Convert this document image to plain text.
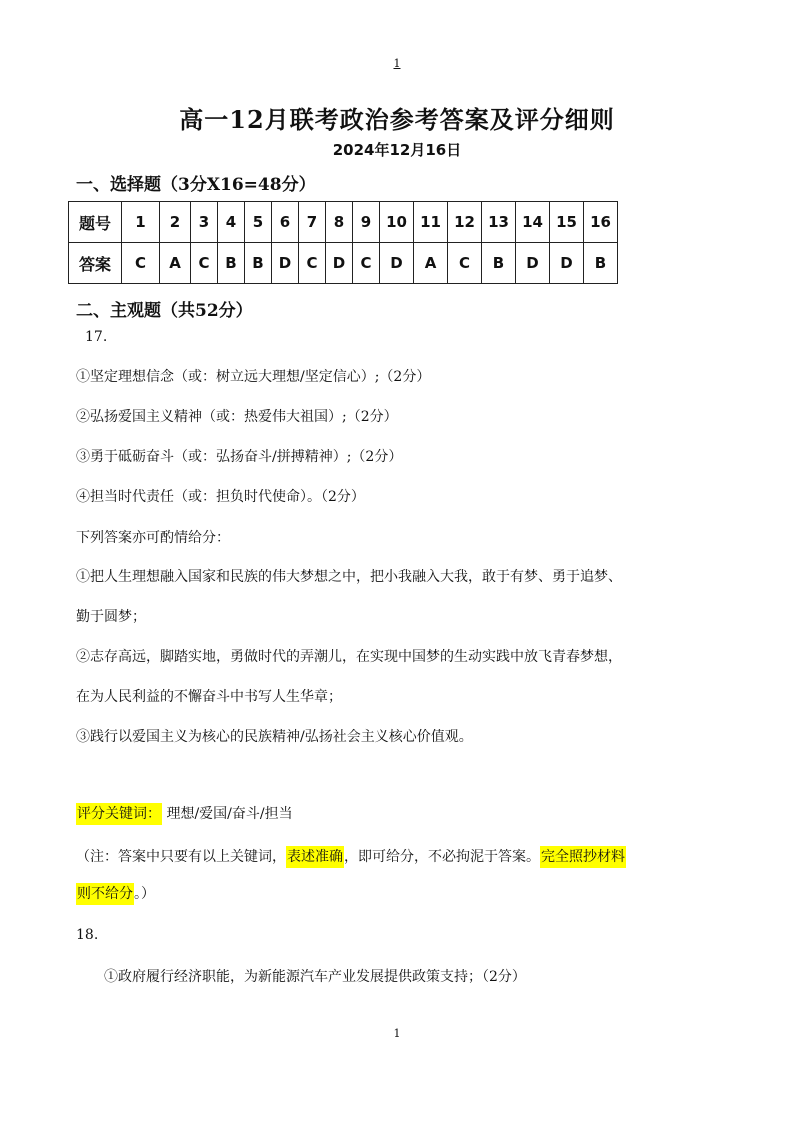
1
高一12月联考政治参考答案及评分细则
2024年12月16日
一、选择题（3分X16=48分）
题号	1	2	3	4	5	6	7	8	9	10	11	12	13	14	15	16
答案	C	A	C	B	B	D	C	D	C	D	A	C	B	D	D	B
二、主观题（共52分）
17.
①坚定理想信念（或：树立远大理想/坚定信心）;（2分）
②弘扬爱国主义精神（或：热爱伟大祖国）;（2分）
③勇于砥砺奋斗（或：弘扬奋斗/拼搏精神）;（2分）
④担当时代责任（或：担负时代使命）。（2分）
下列答案亦可酌情给分：
①把人生理想融入国家和民族的伟大梦想之中，把小我融入大我，敢于有梦、勇于追梦、
勤于圆梦；
②志存高远，脚踏实地，勇做时代的弄潮儿，在实现中国梦的生动实践中放飞青春梦想，
在为人民利益的不懈奋斗中书写人生华章；
③践行以爱国主义为核心的民族精神/弘扬社会主义核心价值观。
评分关键词： 理想/爱国/奋斗/担当
（注：答案中只要有以上关键词，表述准确，即可给分，不必拘泥于答案。完全照抄材料
则不给分。）
18.
①政府履行经济职能，为新能源汽车产业发展提供政策支持；（2分）
1
